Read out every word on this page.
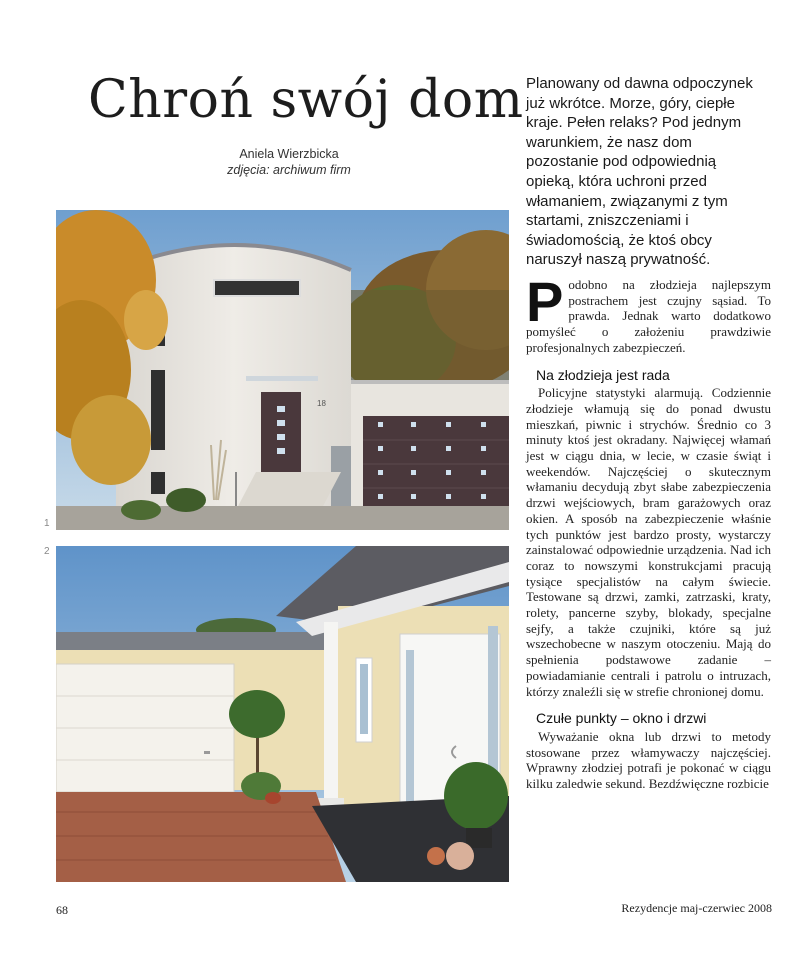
Chroń swój dom
Aniela Wierzbicka
zdjęcia: archiwum firm
Planowany od dawna odpoczynek już wkrótce. Morze, góry, ciepłe kraje. Pełen relaks? Pod jednym warunkiem, że nasz dom pozostanie pod odpowiednią opieką, która uchroni przed włamaniem, związanymi z tym startami, zniszczeniami i świadomością, że ktoś obcy naruszył naszą prywatność.

Podobno na złodzieja najlepszym postrachem jest czujny sąsiad. To prawda. Jednak warto dodatkowo pomyśleć o założeniu prawdziwie profesjonalnych zabezpieczeń.

Na złodzieja jest rada

Policyjne statystyki alarmują. Codziennie złodzieje włamują się do ponad dwustu mieszkań, piwnic i strychów. Średnio co 3 minuty ktoś jest okradany. Najwięcej włamań jest w ciągu dnia, w lecie, w czasie świąt i weekendów. Najczęściej o skutecznym włamaniu decydują zbyt słabe zabezpieczenia drzwi wejściowych, bram garażowych oraz okien. A sposób na zabezpieczenie właśnie tych punktów jest bardzo prosty, wystarczy zainstalować odpowiednie urządzenia. Nad ich coraz to nowszymi konstrukcjami pracują tysiące specjalistów na całym świecie. Testowane są drzwi, zamki, zatrzaski, kraty, rolety, pancerne szyby, blokady, specjalne sejfy, a także czujniki, które są już wszechobecne w naszym otoczeniu. Mają do spełnienia podstawowe zadanie – powiadamianie centrali i patrolu o intruzach, którzy znaleźli się w strefie chronionej domu.

Czułe punkty – okno i drzwi

Wyważanie okna lub drzwi to metody stosowane przez włamywaczy najczęściej. Wprawny złodziej potrafi je pokonać w ciągu kilku zaledwie sekund. Bezdźwięczne rozbicie

18
1
2
68	Rezydencje maj-czerwiec 2008
